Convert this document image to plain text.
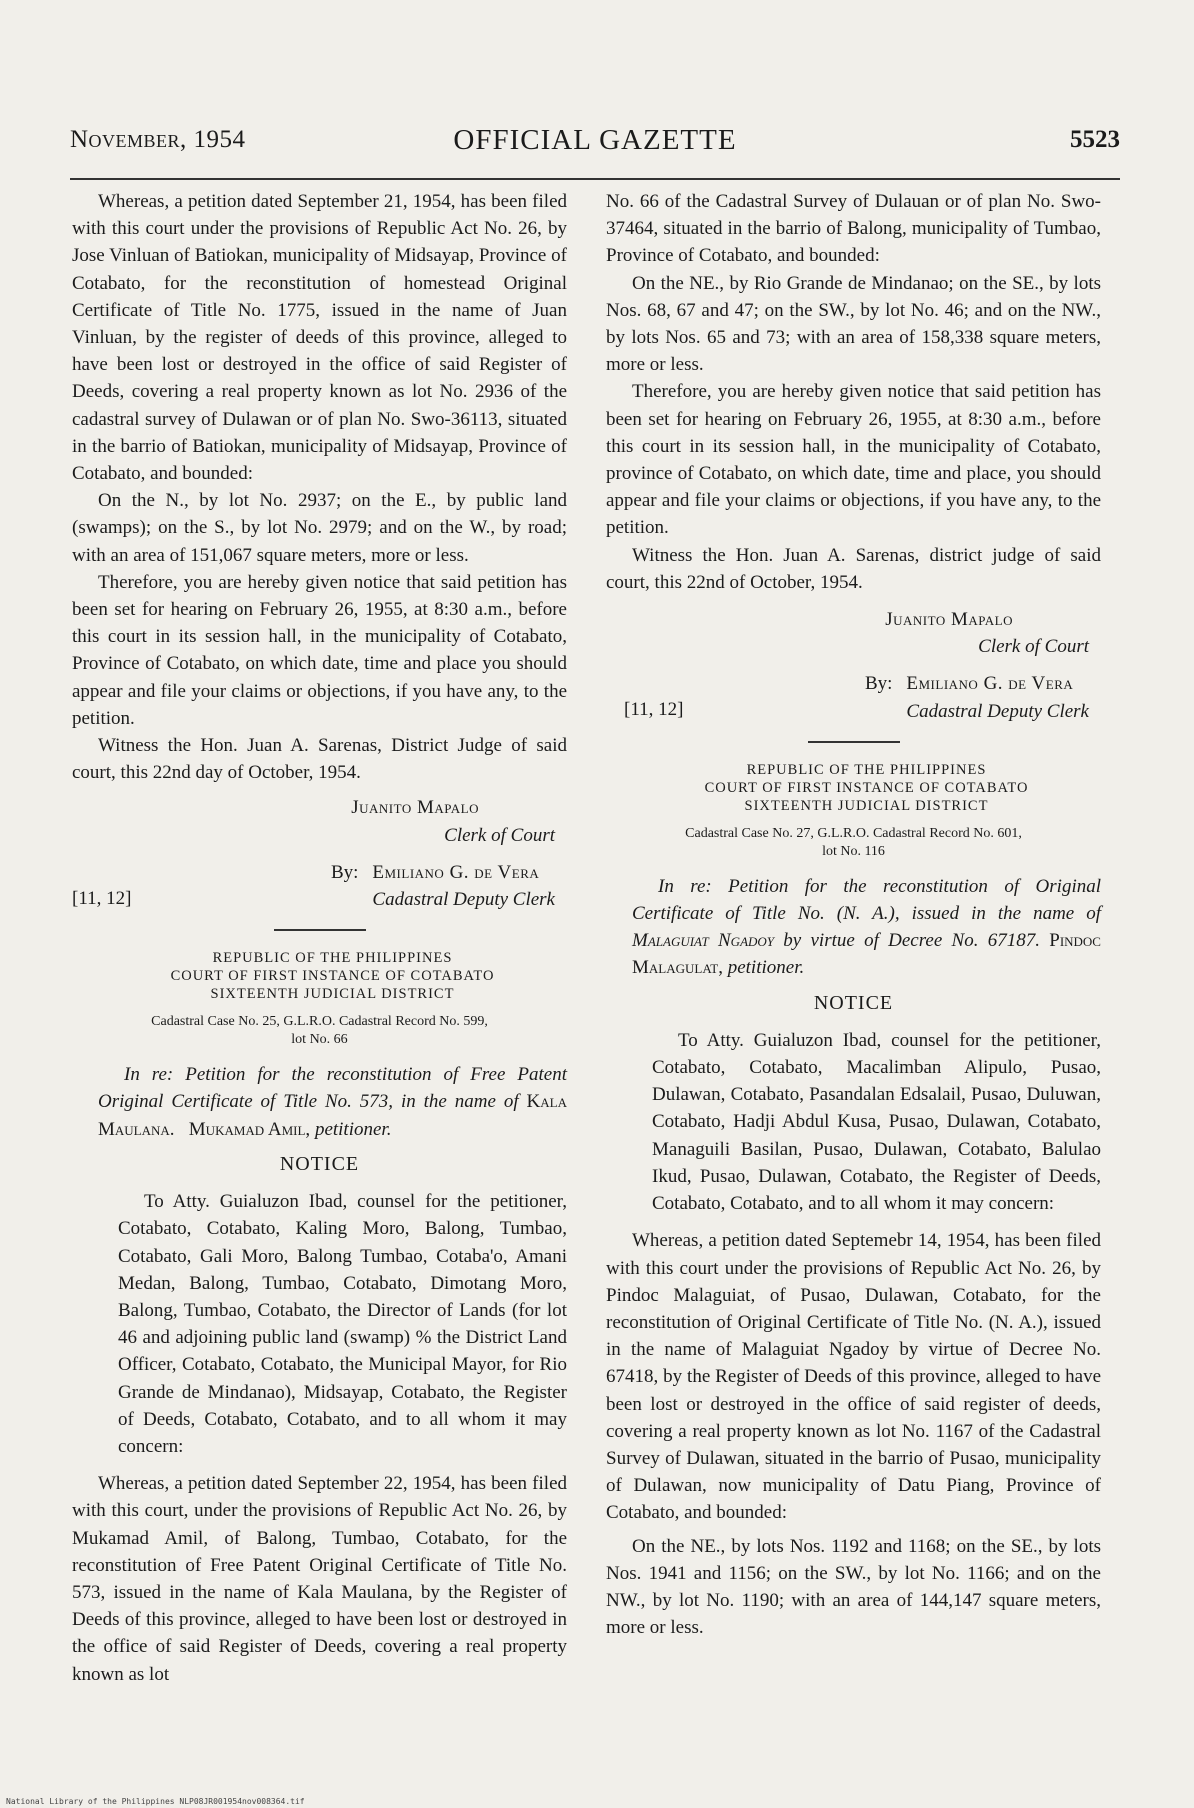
November, 1954	OFFICIAL GAZETTE	5523

Whereas, a petition dated September 21, 1954, has been filed with this court under the provisions of Republic Act No. 26, by Jose Vinluan of Batiokan, municipality of Midsayap, Province of Cotabato, for the reconstitution of homestead Original Certificate of Title No. 1775, issued in the name of Juan Vinluan, by the register of deeds of this province, alleged to have been lost or destroyed in the office of said Register of Deeds, covering a real property known as lot No. 2936 of the cadastral survey of Dulawan or of plan No. Swo-36113, situated in the barrio of Batiokan, municipality of Midsayap, Province of Cotabato, and bounded:

On the N., by lot No. 2937; on the E., by public land (swamps); on the S., by lot No. 2979; and on the W., by road; with an area of 151,067 square meters, more or less.

Therefore, you are hereby given notice that said petition has been set for hearing on February 26, 1955, at 8:30 a.m., before this court in its session hall, in the municipality of Cotabato, Province of Cotabato, on which date, time and place you should appear and file your claims or objections, if you have any, to the petition.

Witness the Hon. Juan A. Sarenas, District Judge of said court, this 22nd day of October, 1954.

Juanito Mapalo
Clerk of Court
[11, 12]
By: Emiliano G. de Vera
Cadastral Deputy Clerk

REPUBLIC OF THE PHILIPPINES

COURT OF FIRST INSTANCE OF COTABATO

SIXTEENTH JUDICIAL DISTRICT

Cadastral Case No. 25, G.L.R.O. Cadastral Record No. 599,
lot No. 66

In re: Petition for the reconstitution of Free Patent Original Certificate of Title No. 573, in the name of Kala Maulana. Mukamad Amil, petitioner.

NOTICE

To Atty. Guialuzon Ibad, counsel for the petitioner, Cotabato, Cotabato, Kaling Moro, Balong, Tumbao, Cotabato, Gali Moro, Balong Tumbao, Cotaba'o, Amani Medan, Balong, Tumbao, Cotabato, Dimotang Moro, Balong, Tumbao, Cotabato, the Director of Lands (for lot 46 and adjoining public land (swamp) % the District Land Officer, Cotabato, Cotabato, the Municipal Mayor, for Rio Grande de Mindanao), Midsayap, Cotabato, the Register of Deeds, Cotabato, Cotabato, and to all whom it may concern:

Whereas, a petition dated September 22, 1954, has been filed with this court, under the provisions of Republic Act No. 26, by Mukamad Amil, of Balong, Tumbao, Cotabato, for the reconstitution of Free Patent Original Certificate of Title No. 573, issued in the name of Kala Maulana, by the Register of Deeds of this province, alleged to have been lost or destroyed in the office of said Register of Deeds, covering a real property known as lot

No. 66 of the Cadastral Survey of Dulauan or of plan No. Swo-37464, situated in the barrio of Balong, municipality of Tumbao, Province of Cotabato, and bounded:

On the NE., by Rio Grande de Mindanao; on the SE., by lots Nos. 68, 67 and 47; on the SW., by lot No. 46; and on the NW., by lots Nos. 65 and 73; with an area of 158,338 square meters, more or less.

Therefore, you are hereby given notice that said petition has been set for hearing on February 26, 1955, at 8:30 a.m., before this court in its session hall, in the municipality of Cotabato, province of Cotabato, on which date, time and place, you should appear and file your claims or objections, if you have any, to the petition.

Witness the Hon. Juan A. Sarenas, district judge of said court, this 22nd of October, 1954.

Juanito Mapalo
Clerk of Court
[11, 12]
By: Emiliano G. de Vera
Cadastral Deputy Clerk

REPUBLIC OF THE PHILIPPINES

COURT OF FIRST INSTANCE OF COTABATO

SIXTEENTH JUDICIAL DISTRICT

Cadastral Case No. 27, G.L.R.O. Cadastral Record No. 601,
lot No. 116

In re: Petition for the reconstitution of Original Certificate of Title No. (N. A.), issued in the name of Malaguiat Ngadoy by virtue of Decree No. 67187. Pindoc Malagulat, petitioner.

NOTICE

To Atty. Guialuzon Ibad, counsel for the petitioner, Cotabato, Cotabato, Macalimban Alipulo, Pusao, Dulawan, Cotabato, Pasandalan Edsalail, Pusao, Duluwan, Cotabato, Hadji Abdul Kusa, Pusao, Dulawan, Cotabato, Managuili Basilan, Pusao, Dulawan, Cotabato, Balulao Ikud, Pusao, Dulawan, Cotabato, the Register of Deeds, Cotabato, Cotabato, and to all whom it may concern:

Whereas, a petition dated Septemebr 14, 1954, has been filed with this court under the provisions of Republic Act No. 26, by Pindoc Malaguiat, of Pusao, Dulawan, Cotabato, for the reconstitution of Original Certificate of Title No. (N. A.), issued in the name of Malaguiat Ngadoy by virtue of Decree No. 67418, by the Register of Deeds of this province, alleged to have been lost or destroyed in the office of said register of deeds, covering a real property known as lot No. 1167 of the Cadastral Survey of Dulawan, situated in the barrio of Pusao, municipality of Dulawan, now municipality of Datu Piang, Province of Cotabato, and bounded:

On the NE., by lots Nos. 1192 and 1168; on the SE., by lots Nos. 1941 and 1156; on the SW., by lot No. 1166; and on the NW., by lot No. 1190; with an area of 144,147 square meters, more or less.

National Library of the Philippines NLP08JR001954nov008364.tif
